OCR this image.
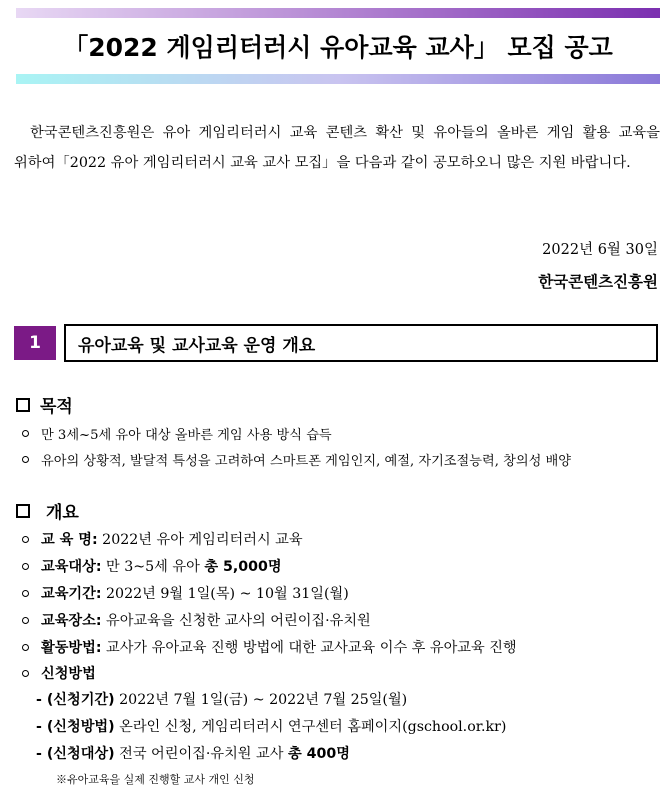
「2022 게임리터러시 유아교육 교사」 모집 공고
한국콘텐츠진흥원은 유아 게임리터러시 교육 콘텐츠 확산 및 유아들의 올바른 게임 활용 교육을 위하여「2022 유아 게임리터러시 교육 교사 모집」을 다음과 같이 공모하오니 많은 지원 바랍니다.
2022년 6월 30일
한국콘텐츠진흥원
1	유아교육 및 교사교육 운영 개요
목적
만 3세~5세 유아 대상 올바른 게임 사용 방식 습득
유아의 상황적, 발달적 특성을 고려하여 스마트폰 게임인지, 예절, 자기조절능력, 창의성 배양
개요
교 육 명: 2022년 유아 게임리터러시 교육
교육대상: 만 3~5세 유아 총 5,000명
교육기간: 2022년 9월 1일(목) ~ 10월 31일(월)
교육장소: 유아교육을 신청한 교사의 어린이집·유치원
활동방법: 교사가 유아교육 진행 방법에 대한 교사교육 이수 후 유아교육 진행
신청방법
- (신청기간) 2022년 7월 1일(금) ~ 2022년 7월 25일(월)
- (신청방법) 온라인 신청, 게임리터러시 연구센터 홈페이지(gschool.or.kr)
- (신청대상) 전국 어린이집·유치원 교사 총 400명
※유아교육을 실제 진행할 교사 개인 신청
